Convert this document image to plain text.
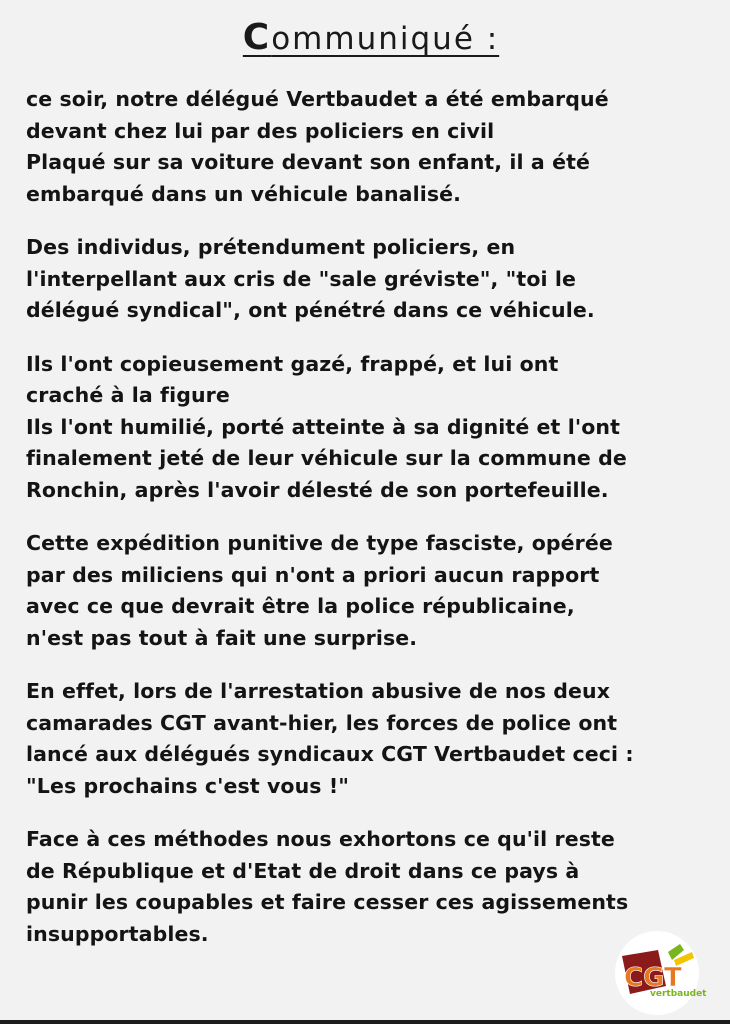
Communiqué :
ce soir, notre délégué Vertbaudet a été embarqué
devant chez lui par des policiers en civil
Plaqué sur sa voiture devant son enfant, il a été
embarqué dans un véhicule banalisé.
Des individus, prétendument policiers, en
l'interpellant aux cris de "sale gréviste", "toi le
délégué syndical", ont pénétré dans ce véhicule.
Ils l'ont copieusement gazé, frappé, et lui ont
craché à la figure
Ils l'ont humilié, porté atteinte à sa dignité et l'ont
finalement jeté de leur véhicule sur la commune de
Ronchin, après l'avoir délesté de son portefeuille.
Cette expédition punitive de type fasciste, opérée
par des miliciens qui n'ont a priori aucun rapport
avec ce que devrait être la police républicaine,
n'est pas tout à fait une surprise.
En effet, lors de l'arrestation abusive de nos deux
camarades CGT avant-hier, les forces de police ont
lancé aux délégués syndicaux CGT Vertbaudet ceci :
"Les prochains c'est vous !"
Face à ces méthodes nous exhortons ce qu'il reste
de République et d'Etat de droit dans ce pays à
punir les coupables et faire cesser ces agissements
insupportables.
CGT
vertbaudet
